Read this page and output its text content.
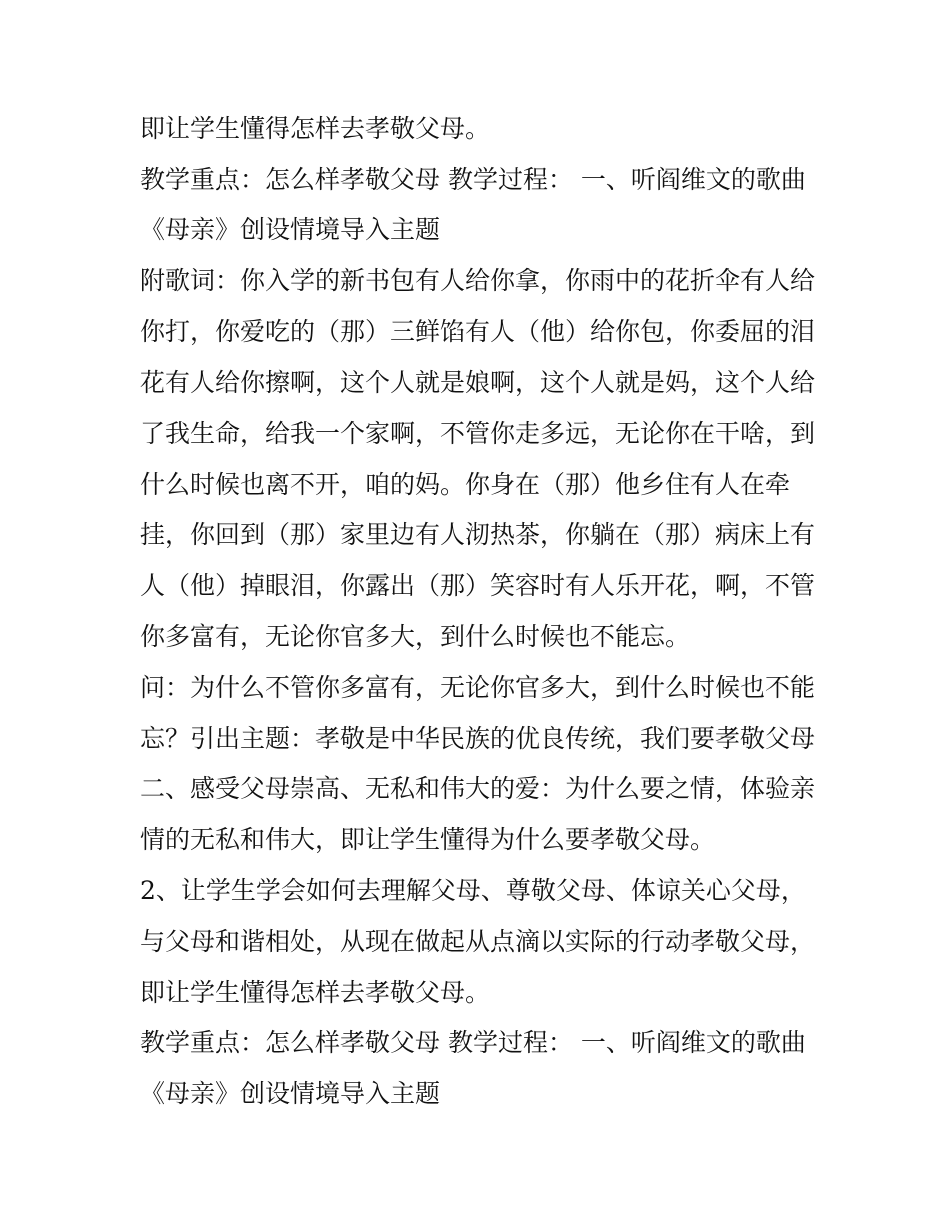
即让学生懂得怎样去孝敬父母。
教学重点：怎么样孝敬父母 教学过程： 一、听阎维文的歌曲
《母亲》创设情境导入主题
附歌词：你入学的新书包有人给你拿，你雨中的花折伞有人给
你打，你爱吃的（那）三鲜馅有人（他）给你包，你委屈的泪
花有人给你擦啊，这个人就是娘啊，这个人就是妈，这个人给
了我生命，给我一个家啊，不管你走多远，无论你在干啥，到
什么时候也离不开，咱的妈。你身在（那）他乡住有人在牵
挂，你回到（那）家里边有人沏热茶，你躺在（那）病床上有
人（他）掉眼泪，你露出（那）笑容时有人乐开花，啊，不管
你多富有，无论你官多大，到什么时候也不能忘。
问：为什么不管你多富有，无论你官多大，到什么时候也不能
忘？引出主题：孝敬是中华民族的优良传统，我们要孝敬父母
二、感受父母崇高、无私和伟大的爱：为什么要之情，体验亲
情的无私和伟大，即让学生懂得为什么要孝敬父母。
2、让学生学会如何去理解父母、尊敬父母、体谅关心父母，
与父母和谐相处，从现在做起从点滴以实际的行动孝敬父母，
即让学生懂得怎样去孝敬父母。
教学重点：怎么样孝敬父母 教学过程： 一、听阎维文的歌曲
《母亲》创设情境导入主题
